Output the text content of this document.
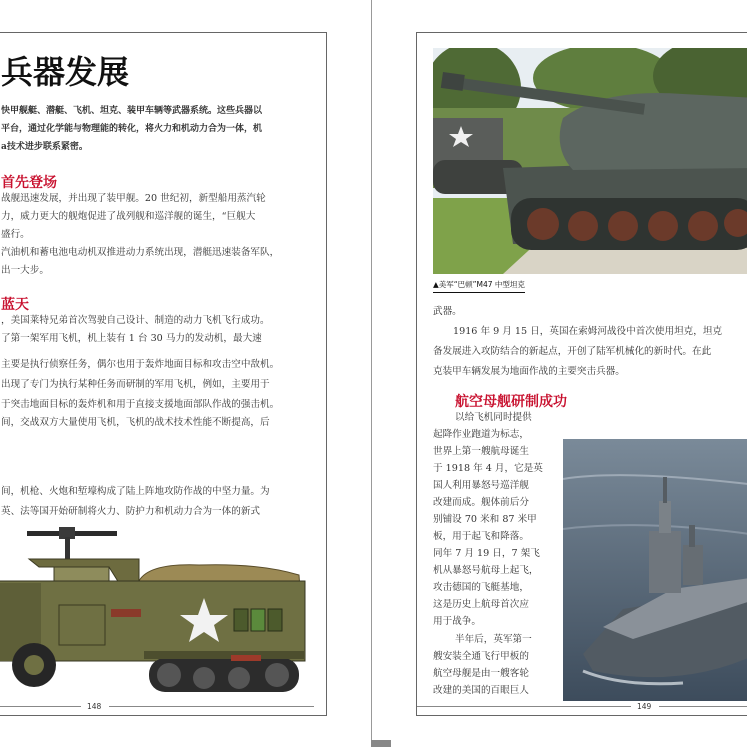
兵器发展
快甲舰艇、潜艇、飞机、坦克、装甲车辆等武器系统。这些兵器以
平台，通过化学能与物理能的转化，将火力和机动力合为一体，机
a技术进步联系紧密。
首先登场
战舰迅速发展，并出现了装甲舰。20 世纪初，新型船用蒸汽轮
力，威力更大的舰炮促进了战列舰和巡洋舰的诞生，“巨舰大
盛行。
汽油机和蓄电池电动机双推进动力系统出现，潜艇迅速装备军队，
出一大步。
蓝天
，美国莱特兄弟首次驾驶自己设计、制造的动力飞机飞行成功。
了第一架军用飞机，机上装有 1 台 30 马力的发动机，最大速
主要是执行侦察任务，偶尔也用于轰炸地面目标和攻击空中敌机。
出现了专门为执行某种任务而研制的军用飞机，例如，主要用于
于突击地面目标的轰炸机和用于直接支援地面部队作战的强击机。
间，交战双方大量使用飞机，飞机的战术技术性能不断提高，后
间，机枪、火炮和堑壕构成了陆上阵地攻防作战的中坚力量。为
英、法等国开始研制将火力、防护力和机动力合为一体的新式
148
▲美军“巴顿”M47 中型坦克
武器。
1916 年 9 月 15 日，英国在索姆河战役中首次使用坦克，坦克
备发展进入攻防结合的新起点，开创了陆军机械化的新时代。在此
克装甲车辆发展为地面作战的主要突击兵器。
航空母舰研制成功
以给飞机同时提供
起降作业跑道为标志，
世界上第一艘航母诞生
于 1918 年 4 月，它是英
国人利用暴怒号巡洋舰
改建而成。舰体前后分
别铺设 70 米和 87 米甲
板，用于起飞和降落。
同年 7 月 19 日，7 架飞
机从暴怒号航母上起飞，
攻击德国的飞艇基地，
这是历史上航母首次应
用于战争。
半年后，英军第一
艘安装全通飞行甲板的
航空母舰是由一艘客轮
改建的美国的百眼巨人
149
